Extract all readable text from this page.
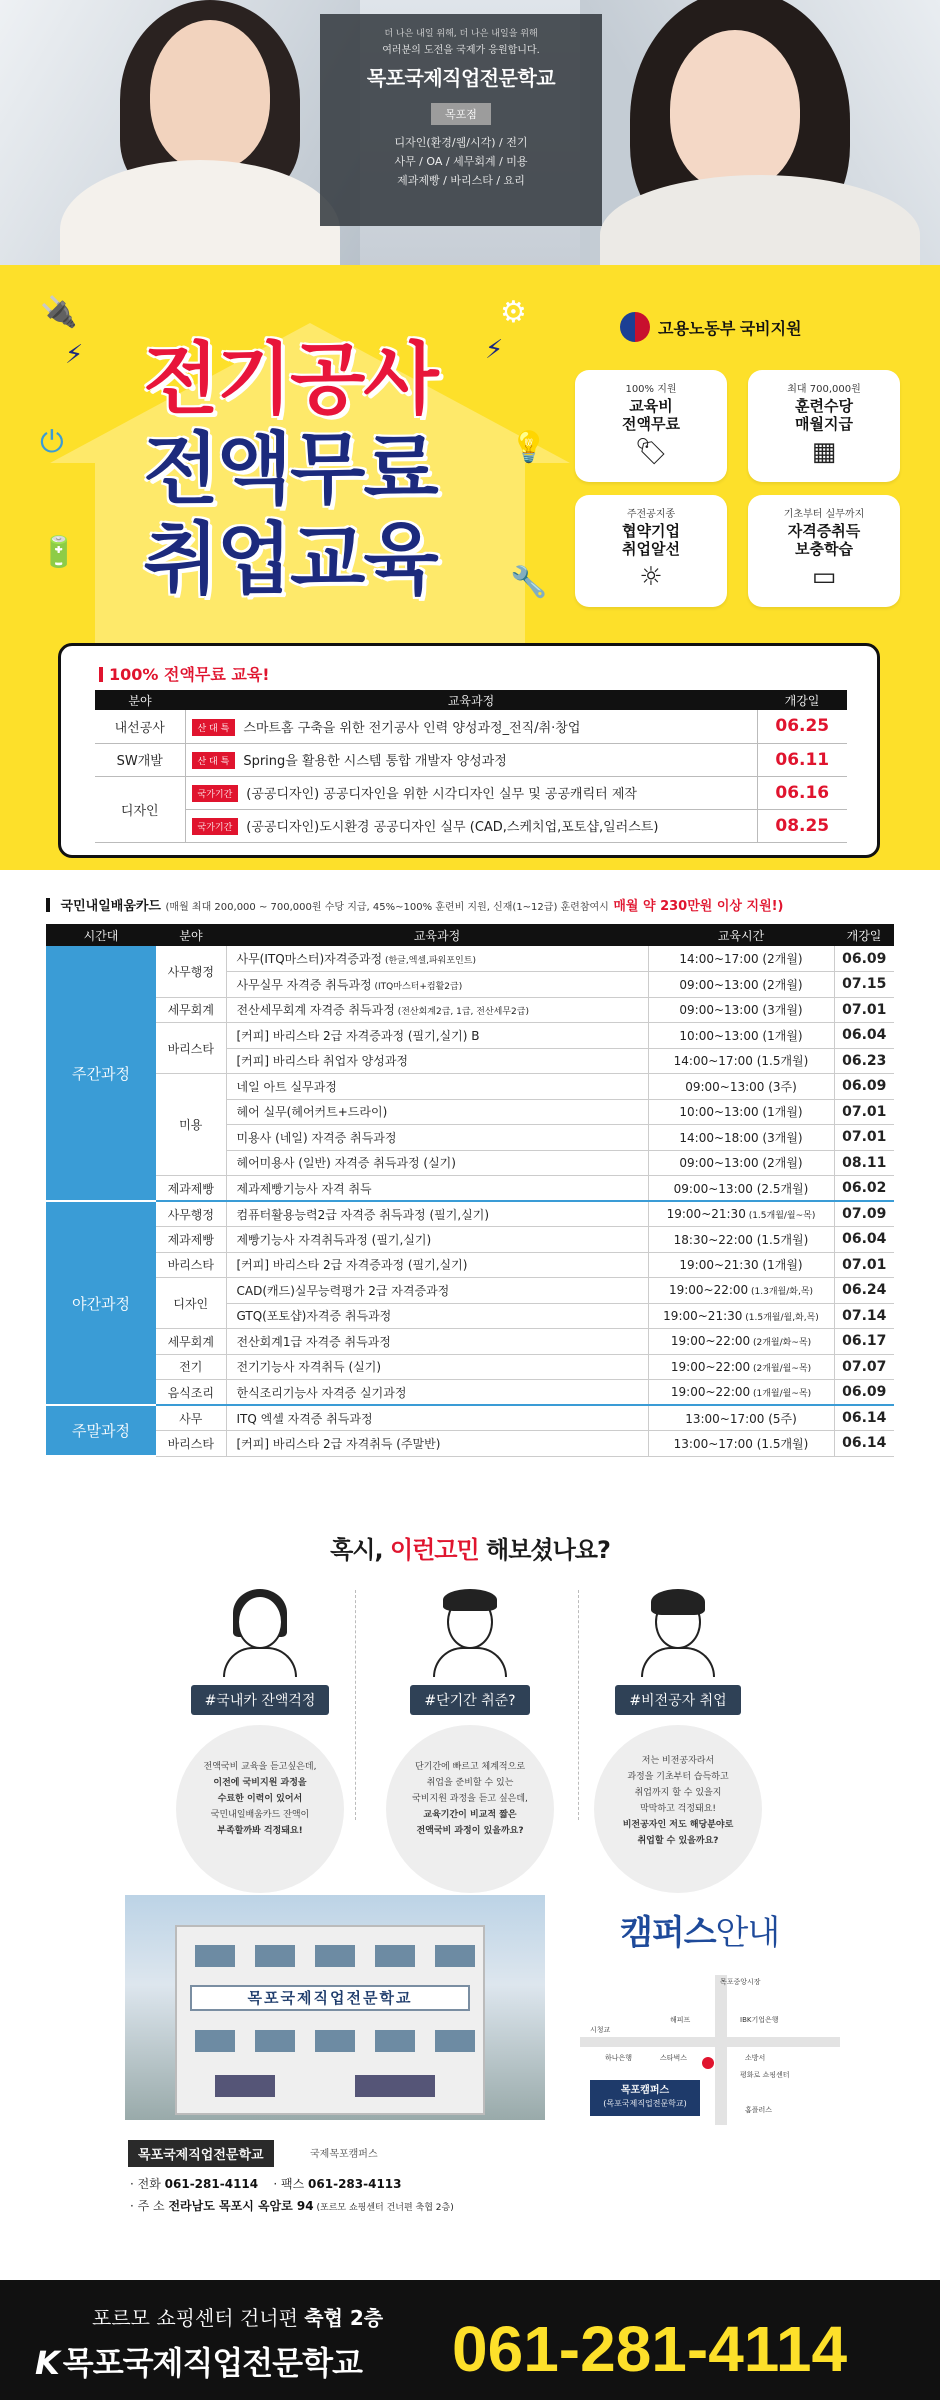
더 나은 내일 위해, 더 나은 내일을 위해
여러분의 도전을 국제가 응원합니다.
목포국제직업전문학교
목포점
디자인(환경/웹/시각) / 전기
사무 / OA / 세무회계 / 미용
제과제빵 / 바리스타 / 요리
🔌
⚡
⚙
⚡
⏻	💡
🔋
🔧
전기공사
전액무료
취업교육
고용노동부 국비지원
100% 지원
교육비
전액무료
🏷
최대 700,000원
훈련수당
매월지급
▦
주전공지종
협약기업
취업알선
☼
기초부터 실무까지
자격증취득
보충학습
▭
100% 전액무료 교육!
분야	교육과정	개강일
내선공사	산 대 특 스마트홈 구축을 위한 전기공사 인력 양성과정_전직/취·창업	06.25
SW개발	산 대 특 Spring을 활용한 시스템 통합 개발자 양성과정	06.11
디자인	국가기간 (공공디자인) 공공디자인을 위한 시각디자인 실무 및 공공캐릭터 제작	06.16
	국가기간 (공공디자인)도시환경 공공디자인 실무 (CAD,스케치업,포토샵,일러스트)	08.25
국민내일배움카드 (매월 최대 200,000 ~ 700,000원 수당 지급, 45%~100% 훈련비 지원, 신재(1~12급) 훈련참여시 매월 약 230만원 이상 지원!)
시간대	분야	교육과정	교육시간	개강일
주간과정	사무행정	사무(ITQ마스터)자격증과정 (한글,엑셀,파워포인트)	14:00~17:00 (2개월)	06.09
		사무실무 자격증 취득과정 (ITQ마스터+컴활2급)	09:00~13:00 (2개월)	07.15
	세무회계	전산세무회계 자격증 취득과정 (전산회계2급, 1급, 전산세무2급)	09:00~13:00 (3개월)	07.01
	바리스타	[커피] 바리스타 2급 자격증과정 (필기,실기) B	10:00~13:00 (1개월)	06.04
		[커피] 바리스타 취업자 양성과정	14:00~17:00 (1.5개월)	06.23
	미용	네일 아트 실무과정	09:00~13:00 (3주)	06.09
		헤어 실무(헤어커트+드라이)	10:00~13:00 (1개월)	07.01
		미용사 (네일) 자격증 취득과정	14:00~18:00 (3개월)	07.01
		헤어미용사 (일반) 자격증 취득과정 (실기)	09:00~13:00 (2개월)	08.11
	제과제빵	제과제빵기능사 자격 취득	09:00~13:00 (2.5개월)	06.02
야간과정	사무행정	컴퓨터활용능력2급 자격증 취득과정 (필기,실기)	19:00~21:30 (1.5개월/월~목)	07.09
	제과제빵	제빵기능사 자격취득과정 (필기,실기)	18:30~22:00 (1.5개월)	06.04
	바리스타	[커피] 바리스타 2급 자격증과정 (필기,실기)	19:00~21:30 (1개월)	07.01
	디자인	CAD(캐드)실무능력평가 2급 자격증과정	19:00~22:00 (1.3개월/화,목)	06.24
		GTQ(포토샵)자격증 취득과정	19:00~21:30 (1.5개월/월,화,목)	07.14
	세무회계	전산회계1급 자격증 취득과정	19:00~22:00 (2개월/화~목)	06.17
	전기	전기기능사 자격취득 (실기)	19:00~22:00 (2개월/월~목)	07.07
	음식조리	한식조리기능사 자격증 실기과정	19:00~22:00 (1개월/월~목)	06.09
주말과정	사무	ITQ 엑셀 자격증 취득과정	13:00~17:00 (5주)	06.14
	바리스타	[커피] 바리스타 2급 자격취득 (주말반)	13:00~17:00 (1.5개월)	06.14
혹시, 이런고민 해보셨나요?
#국내카 잔액걱정
전액국비 교육을 듣고싶은데,
이전에 국비지원 과정을
수료한 이력이 있어서
국민내일배움카드 잔액이
부족할까봐 걱정돼요!
#단기간 취준?
단기간에 빠르고 체계적으로
취업을 준비할 수 있는
국비지원 과정을 듣고 싶은데,
교육기간이 비교적 짧은
전액국비 과정이 있을까요?
#비전공자 취업
저는 비전공자라서
과정을 기초부터 습득하고
취업까지 할 수 있을지
막막하고 걱정돼요!
비전공자인 저도 해당분야로
취업할 수 있을까요?
목포국제직업전문학교
캠퍼스안내
목포중앙시장
해피프	IBK기업은행
시청교
하나은행	소방서
스타벅스
평화로 쇼핑센터
홈플러스
목포캠퍼스
(목포국제직업전문학교)
목포국제직업전문학교	국제목포캠퍼스
· 전화 061-281-4114 · 팩스 061-283-4113
· 주 소 전라남도 목포시 옥암로 94 (포르모 쇼핑센터 건너편 축협 2층)
포르모 쇼핑센터 건너편 축협 2층
K 목포국제직업전문학교 061-281-4114
